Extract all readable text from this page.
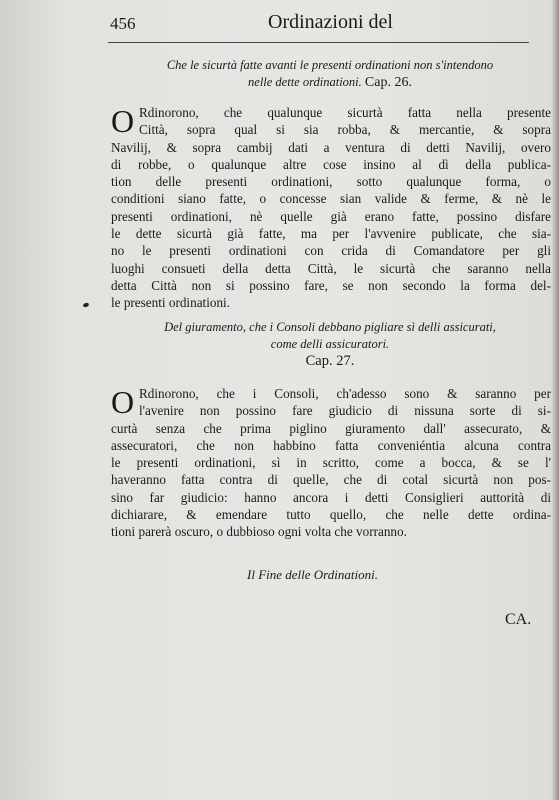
456	Ordinazioni del
Che le sicurtà fatte avanti le presenti ordinationi non s'intendono
nelle dette ordinationi. Cap. 26.
O Rdinorono, che qualunque sicurtà fatta nella presente
Città, sopra qual si sia robba, & mercantie, & sopra
Navilij, & sopra cambij dati a ventura di detti Navilij, overo
di robbe, o qualunque altre cose insino al dì della publica-
tion delle presenti ordinationi, sotto qualunque forma, o
conditioni siano fatte, o concesse sian valide & ferme, & nè le
presenti ordinationi, nè quelle già erano fatte, possino disfare
le dette sicurtà già fatte, ma per l'avvenire publicate, che sia-
no le presenti ordinationi con crida di Comandatore per gli
luoghi consueti della detta Città, le sicurtà che saranno nella
detta Città non si possino fare, se non secondo la forma del-
le presenti ordinationi.
Del giuramento, che i Consoli debbano pigliare sì delli assicurati,
come delli assicuratori.
Cap. 27.
O Rdinorono, che i Consoli, ch'adesso sono & saranno per
l'avenire non possino fare giudicio di nissuna sorte di si-
curtà senza che prima piglino giuramento dall' assecurato, &
assecuratori, che non habbino fatta conveniéntia alcuna contra
le presenti ordinationi, sì in scritto, come a bocca, & se l'
haveranno fatta contra di quelle, che di cotal sicurtà non pos-
sino far giudicio: hanno ancora i detti Consiglieri auttorità di
dichiarare, & emendare tutto quello, che nelle dette ordina-
tioni parerà oscuro, o dubbioso ogni volta che vorranno.
Il Fine delle Ordinationi.
CA.
